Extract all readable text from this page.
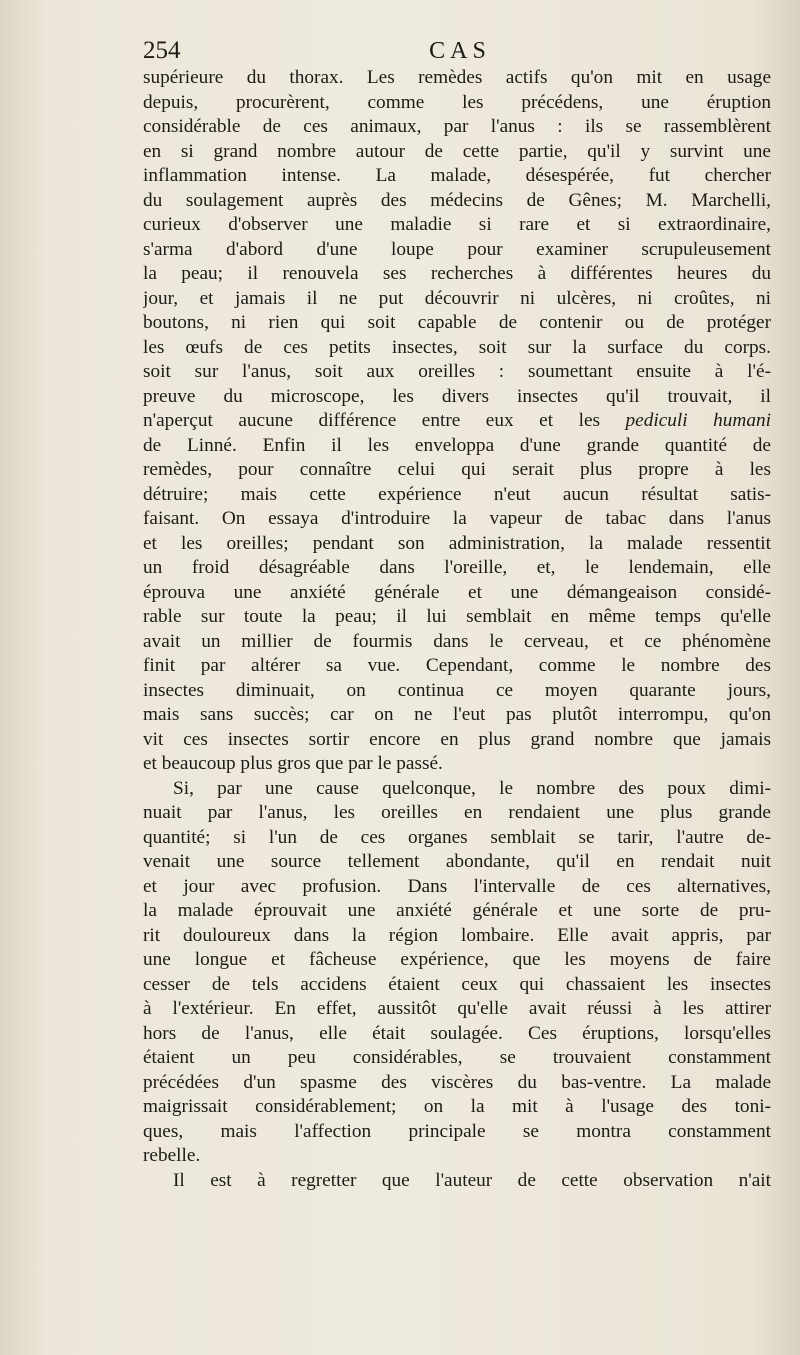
254	CAS
supérieure du thorax. Les remèdes actifs qu'on mit en usage
depuis, procurèrent, comme les précédens, une éruption
considérable de ces animaux, par l'anus : ils se rassemblèrent
en si grand nombre autour de cette partie, qu'il y survint une
inflammation intense. La malade, désespérée, fut chercher
du soulagement auprès des médecins de Gênes; M. Marchelli,
curieux d'observer une maladie si rare et si extraordinaire,
s'arma d'abord d'une loupe pour examiner scrupuleusement
la peau; il renouvela ses recherches à différentes heures du
jour, et jamais il ne put découvrir ni ulcères, ni croûtes, ni
boutons, ni rien qui soit capable de contenir ou de protéger
les œufs de ces petits insectes, soit sur la surface du corps.
soit sur l'anus, soit aux oreilles : soumettant ensuite à l'é-
preuve du microscope, les divers insectes qu'il trouvait, il
n'aperçut aucune différence entre eux et les pediculi humani
de Linné. Enfin il les enveloppa d'une grande quantité de
remèdes, pour connaître celui qui serait plus propre à les
détruire; mais cette expérience n'eut aucun résultat satis-
faisant. On essaya d'introduire la vapeur de tabac dans l'anus
et les oreilles; pendant son administration, la malade ressentit
un froid désagréable dans l'oreille, et, le lendemain, elle
éprouva une anxiété générale et une démangeaison considé-
rable sur toute la peau; il lui semblait en même temps qu'elle
avait un millier de fourmis dans le cerveau, et ce phénomène
finit par altérer sa vue. Cependant, comme le nombre des
insectes diminuait, on continua ce moyen quarante jours,
mais sans succès; car on ne l'eut pas plutôt interrompu, qu'on
vit ces insectes sortir encore en plus grand nombre que jamais
et beaucoup plus gros que par le passé.
Si, par une cause quelconque, le nombre des poux dimi-
nuait par l'anus, les oreilles en rendaient une plus grande
quantité; si l'un de ces organes semblait se tarir, l'autre de-
venait une source tellement abondante, qu'il en rendait nuit
et jour avec profusion. Dans l'intervalle de ces alternatives,
la malade éprouvait une anxiété générale et une sorte de pru-
rit douloureux dans la région lombaire. Elle avait appris, par
une longue et fâcheuse expérience, que les moyens de faire
cesser de tels accidens étaient ceux qui chassaient les insectes
à l'extérieur. En effet, aussitôt qu'elle avait réussi à les attirer
hors de l'anus, elle était soulagée. Ces éruptions, lorsqu'elles
étaient un peu considérables, se trouvaient constamment
précédées d'un spasme des viscères du bas-ventre. La malade
maigrissait considérablement; on la mit à l'usage des toni-
ques, mais l'affection principale se montra constamment
rebelle.
Il est à regretter que l'auteur de cette observation n'ait
